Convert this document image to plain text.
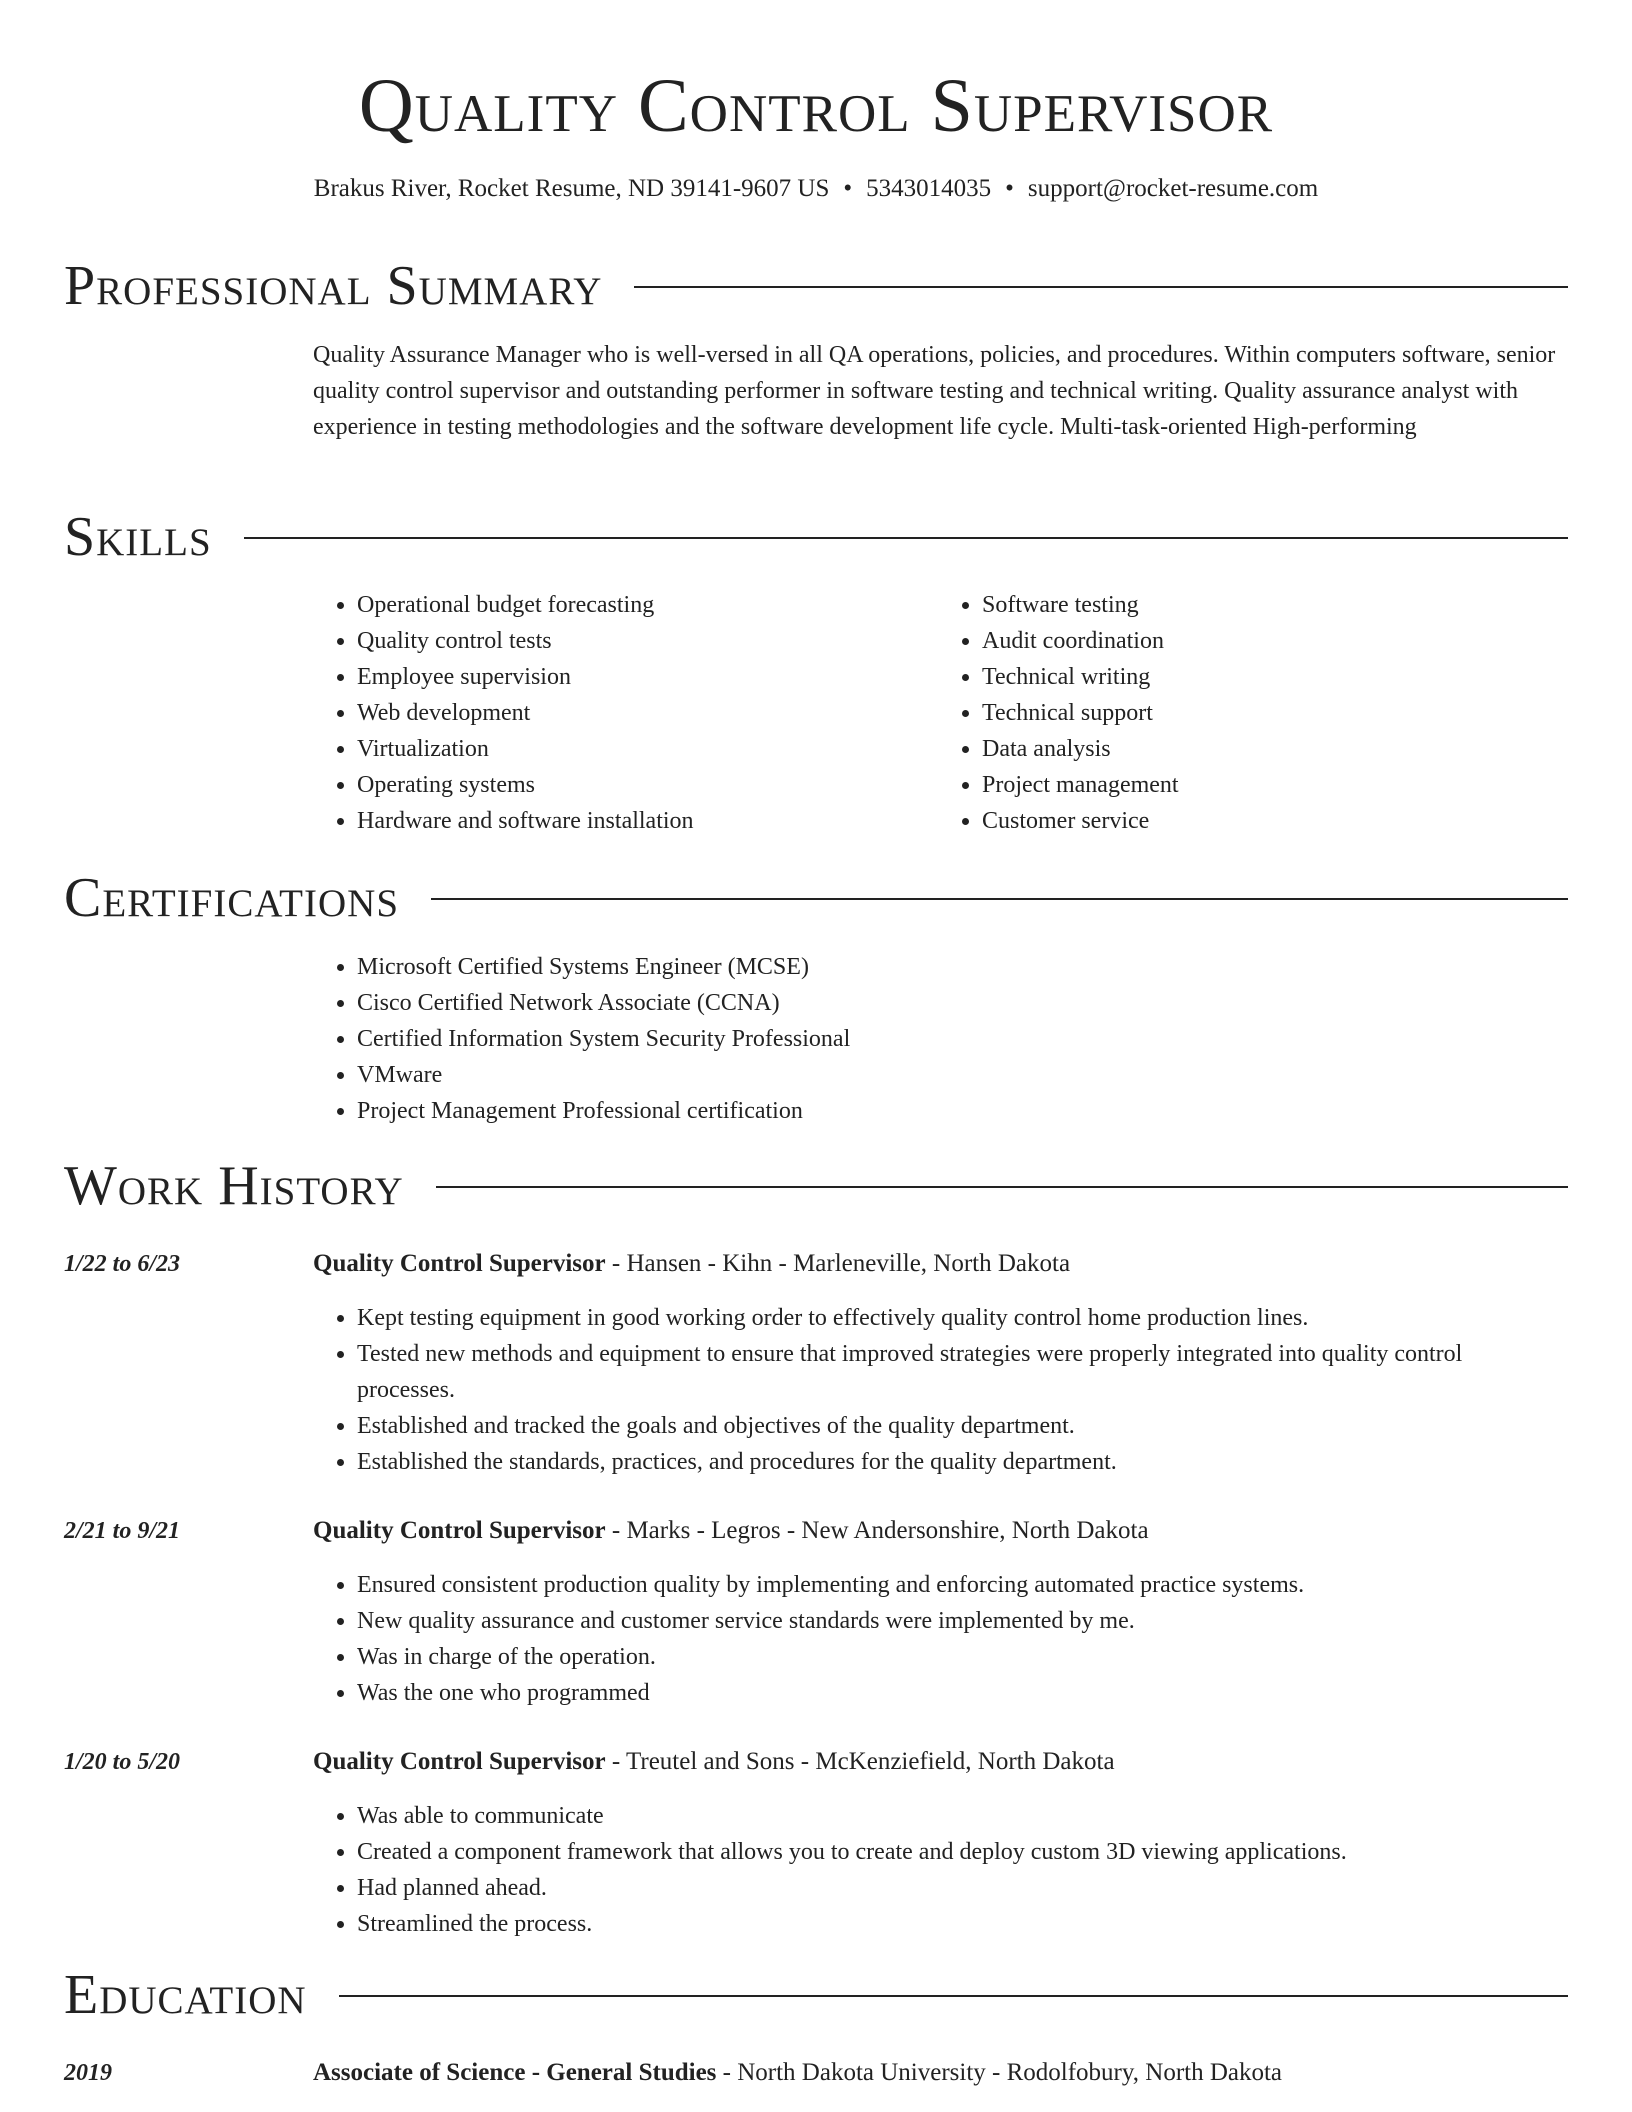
Quality Control Supervisor
Brakus River, Rocket Resume, ND 39141-9607 US • 5343014035 • support@rocket-resume.com
Professional Summary
Quality Assurance Manager who is well-versed in all QA operations, policies, and procedures. Within computers software, senior quality control supervisor and outstanding performer in software testing and technical writing. Quality assurance analyst with experience in testing methodologies and the software development life cycle. Multi-task-oriented High-performing
Skills
• Operational budget forecasting
• Quality control tests
• Employee supervision
• Web development
• Virtualization
• Operating systems
• Hardware and software installation
• Software testing
• Audit coordination
• Technical writing
• Technical support
• Data analysis
• Project management
• Customer service
Certifications
• Microsoft Certified Systems Engineer (MCSE)
• Cisco Certified Network Associate (CCNA)
• Certified Information System Security Professional
• VMware
• Project Management Professional certification
Work History
1/22 to 6/23	Quality Control Supervisor - Hansen - Kihn - Marleneville, North Dakota
• Kept testing equipment in good working order to effectively quality control home production lines.
• Tested new methods and equipment to ensure that improved strategies were properly integrated into quality control processes.
• Established and tracked the goals and objectives of the quality department.
• Established the standards, practices, and procedures for the quality department.
2/21 to 9/21	Quality Control Supervisor - Marks - Legros - New Andersonshire, North Dakota
• Ensured consistent production quality by implementing and enforcing automated practice systems.
• New quality assurance and customer service standards were implemented by me.
• Was in charge of the operation.
• Was the one who programmed
1/20 to 5/20	Quality Control Supervisor - Treutel and Sons - McKenziefield, North Dakota
• Was able to communicate
• Created a component framework that allows you to create and deploy custom 3D viewing applications.
• Had planned ahead.
• Streamlined the process.
Education
2019	Associate of Science - General Studies - North Dakota University - Rodolfobury, North Dakota
